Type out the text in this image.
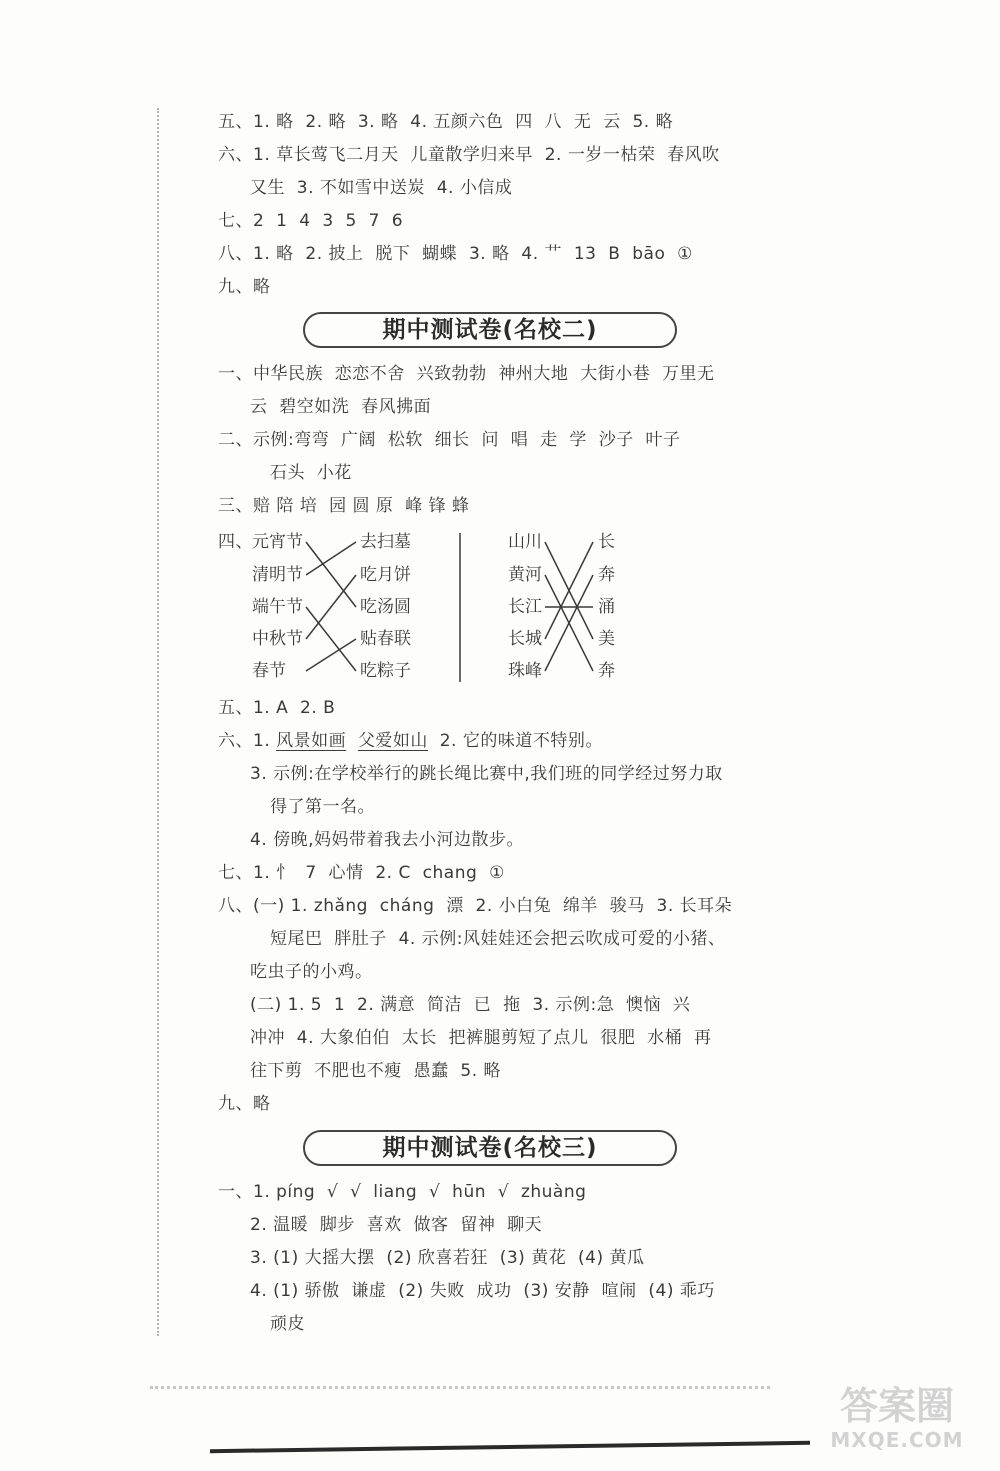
五、1. 略  2. 略  3. 略  4. 五颜六色  四  八  无  云  5. 略
六、1. 草长莺飞二月天  儿童散学归来早  2. 一岁一枯荣  春风吹
又生  3. 不如雪中送炭  4. 小信成
七、2  1  4  3  5  7  6
八、1. 略  2. 披上  脱下  蝴蝶  3. 略  4. 艹  13  B  bāo  ①
九、略
期中测试卷(名校二)
一、中华民族  恋恋不舍  兴致勃勃  神州大地  大街小巷  万里无
云  碧空如洗  春风拂面
二、示例:弯弯  广阔  松软  细长  问  唱  走  学  沙子  叶子
石头  小花
三、赔 陪 培  园 圆 原  峰 锋 蜂
四、 元宵节
清明节
端午节
中秋节
春节
去扫墓
吃月饼
吃汤圆
贴春联
吃粽子
山川
黄河
长江
长城
珠峰
长
奔
涌
美
奔
五、1. A  2. B
六、1. 风景如画 父爱如山  2. 它的味道不特别。
3. 示例:在学校举行的跳长绳比赛中,我们班的同学经过努力取
得了第一名。
4. 傍晚,妈妈带着我去小河边散步。
七、1. 忄  7  心情  2. C  chang  ①
八、(一) 1. zhǎng  cháng  漂  2. 小白兔  绵羊  骏马  3. 长耳朵
短尾巴  胖肚子  4. 示例:风娃娃还会把云吹成可爱的小猪、
吃虫子的小鸡。
(二) 1. 5  1  2. 满意  简洁  已  拖  3. 示例:急  懊恼  兴
冲冲  4. 大象伯伯  太长  把裤腿剪短了点儿  很肥  水桶  再
往下剪  不肥也不瘦  愚蠢  5. 略
九、略
期中测试卷(名校三)
一、1. píng  √  √  liang  √  hūn  √  zhuàng
2. 温暖  脚步  喜欢  做客  留神  聊天
3. (1) 大摇大摆  (2) 欣喜若狂  (3) 黄花  (4) 黄瓜
4. (1) 骄傲  谦虚  (2) 失败  成功  (3) 安静  喧闹  (4) 乖巧
顽皮
答案圈
MXQE.COM
